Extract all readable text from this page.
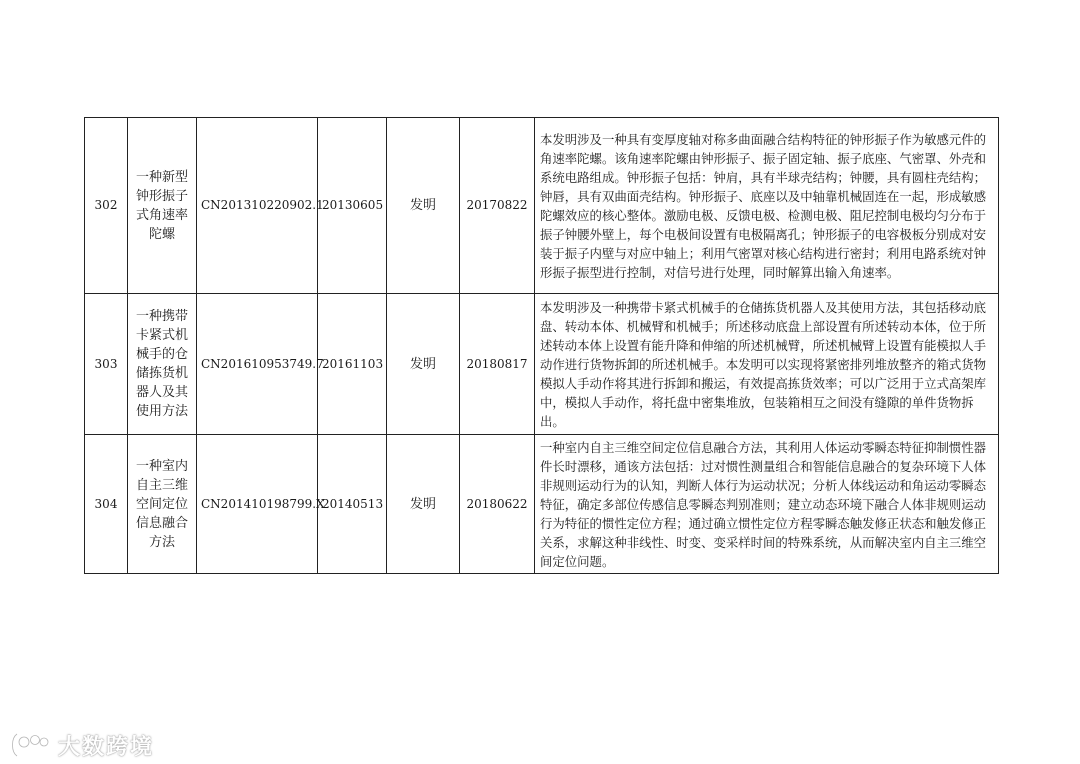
302	一种新型钟形振子式角速率陀螺	CN201310220902.1	20130605	发明	20170822	本发明涉及一种具有变厚度轴对称多曲面融合结构特征的钟形振子作为敏感元件的角速率陀螺。该角速率陀螺由钟形振子、振子固定轴、振子底座、气密罩、外壳和系统电路组成。钟形振子包括：钟肩，具有半球壳结构；钟腰，具有圆柱壳结构；钟唇，具有双曲面壳结构。钟形振子、底座以及中轴靠机械固连在一起，形成敏感陀螺效应的核心整体。激励电极、反馈电极、检测电极、阻尼控制电极均匀分布于振子钟腰外壁上，每个电极间设置有电极隔离孔；钟形振子的电容极板分别成对安装于振子内壁与对应中轴上；利用气密罩对核心结构进行密封；利用电路系统对钟形振子振型进行控制，对信号进行处理，同时解算出输入角速率。
303	一种携带卡紧式机械手的仓储拣货机器人及其使用方法	CN201610953749.7	20161103	发明	20180817	本发明涉及一种携带卡紧式机械手的仓储拣货机器人及其使用方法，其包括移动底盘、转动本体、机械臂和机械手；所述移动底盘上部设置有所述转动本体，位于所述转动本体上设置有能升降和伸缩的所述机械臂，所述机械臂上设置有能模拟人手动作进行货物拆卸的所述机械手。本发明可以实现将紧密排列堆放整齐的箱式货物模拟人手动作将其进行拆卸和搬运，有效提高拣货效率；可以广泛用于立式高架库中，模拟人手动作，将托盘中密集堆放，包装箱相互之间没有缝隙的单件货物拆出。
304	一种室内自主三维空间定位信息融合方法	CN201410198799.X	20140513	发明	20180622	一种室内自主三维空间定位信息融合方法，其利用人体运动零瞬态特征抑制惯性器件长时漂移，通该方法包括：过对惯性测量组合和智能信息融合的复杂环境下人体非规则运动行为的认知，判断人体行为运动状况；分析人体线运动和角运动零瞬态特征，确定多部位传感信息零瞬态判别准则；建立动态环境下融合人体非规则运动行为特征的惯性定位方程；通过确立惯性定位方程零瞬态触发修正状态和触发修正关系，求解这种非线性、时变、变采样时间的特殊系统，从而解决室内自主三维空间定位问题。
大数跨境
